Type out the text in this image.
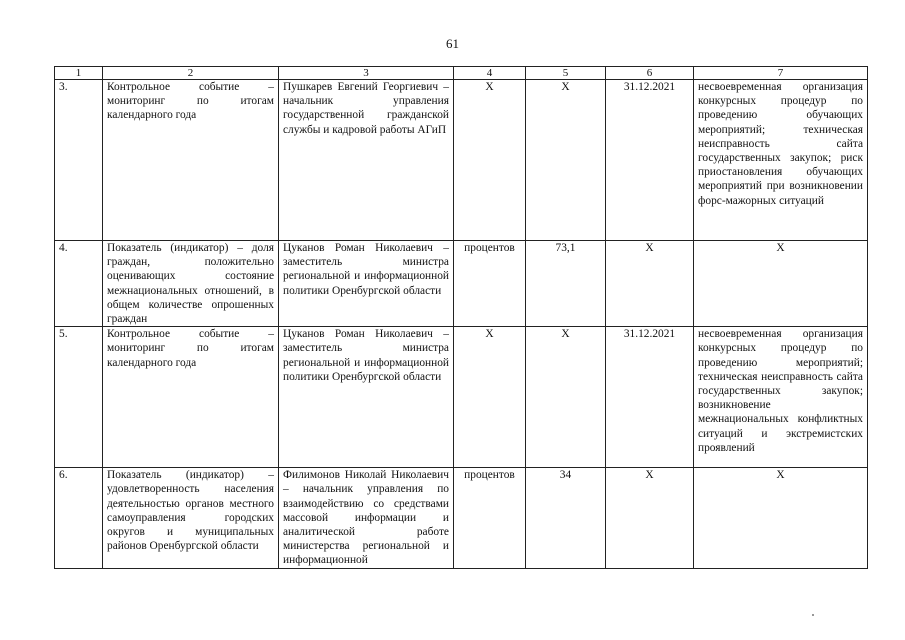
61
1	2	3	4	5	6	7
3.	Контрольное событие – мониторинг по итогам календарного года	Пушкарев Евгений Георгиевич – начальник управления государственной гражданской службы и кадровой работы АГиП	Х	Х	31.12.2021	несвоевременная организация конкурсных процедур по проведению обучающих мероприятий; техническая неисправность сайта государственных закупок; риск приостановления обучающих мероприятий при возникновении форс-мажорных ситуаций
4.	Показатель (индикатор) – доля граждан, положительно оценивающих состояние межнациональных отношений, в общем количестве опрошенных граждан	Цуканов Роман Николаевич – заместитель министра региональной и информационной политики Оренбургской области	процентов	73,1	Х	Х
5.	Контрольное событие – мониторинг по итогам календарного года	Цуканов Роман Николаевич – заместитель министра региональной и информационной политики Оренбургской области	Х	Х	31.12.2021	несвоевременная организация конкурсных процедур по проведению мероприятий; техническая неисправность сайта государственных закупок; возникновение межнациональных конфликтных ситуаций и экстремистских проявлений
6.	Показатель (индикатор) – удовлетворенность населения деятельностью органов местного самоуправления городских округов и муниципальных районов Оренбургской области	Филимонов Николай Николаевич – начальник управления по взаимодействию со средствами массовой информации и аналитической работе министерства региональной и информационной	процентов	34	Х	Х
